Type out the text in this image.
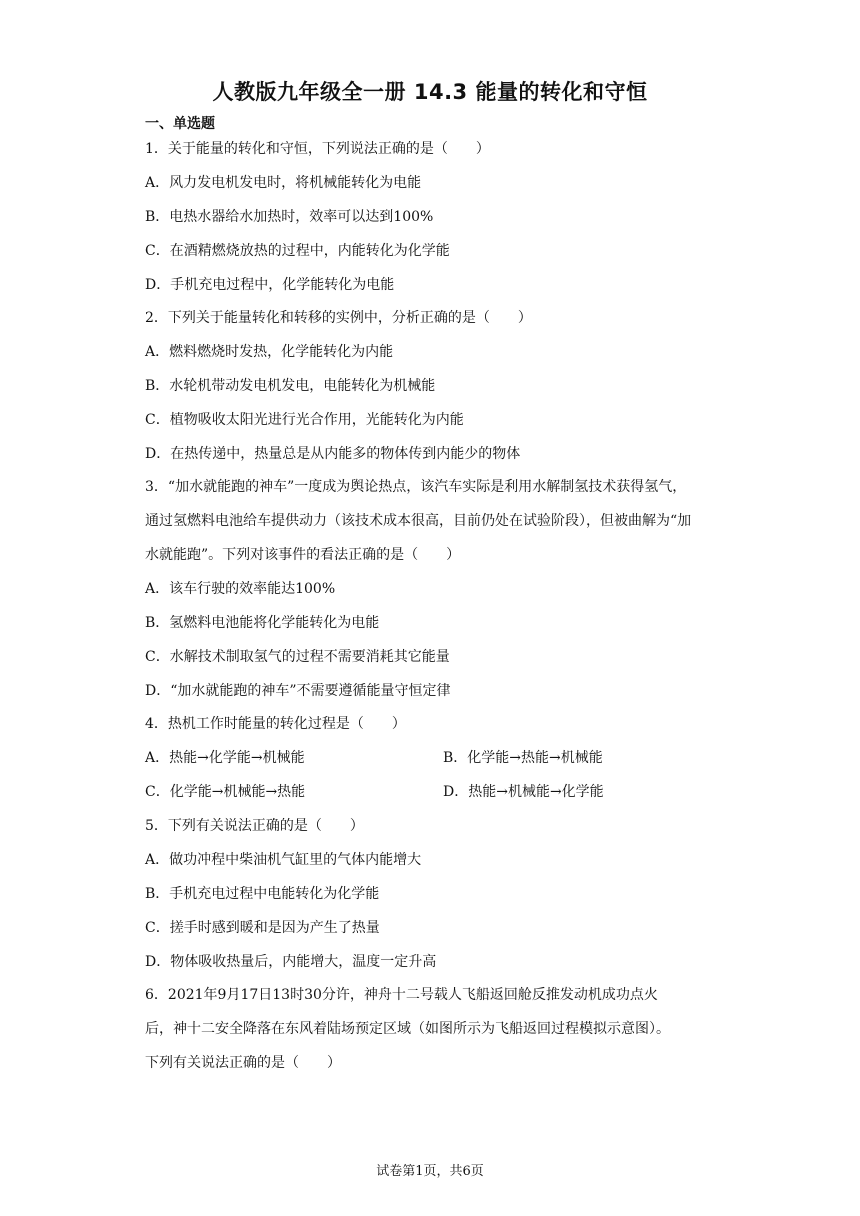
人教版九年级全一册 14.3 能量的转化和守恒
一、单选题
1．关于能量的转化和守恒，下列说法正确的是（　　）
A．风力发电机发电时，将机械能转化为电能
B．电热水器给水加热时，效率可以达到100%
C．在酒精燃烧放热的过程中，内能转化为化学能
D．手机充电过程中，化学能转化为电能
2．下列关于能量转化和转移的实例中，分析正确的是（　　）
A．燃料燃烧时发热，化学能转化为内能
B．水轮机带动发电机发电，电能转化为机械能
C．植物吸收太阳光进行光合作用，光能转化为内能
D．在热传递中，热量总是从内能多的物体传到内能少的物体
3．“加水就能跑的神车”一度成为舆论热点，该汽车实际是利用水解制氢技术获得氢气，
通过氢燃料电池给车提供动力（该技术成本很高，目前仍处在试验阶段），但被曲解为“加
水就能跑”。下列对该事件的看法正确的是（　　）
A．该车行驶的效率能达100%
B．氢燃料电池能将化学能转化为电能
C．水解技术制取氢气的过程不需要消耗其它能量
D．“加水就能跑的神车”不需要遵循能量守恒定律
4．热机工作时能量的转化过程是（　　）
A．热能→化学能→机械能	B．化学能→热能→机械能
C．化学能→机械能→热能	D．热能→机械能→化学能
5．下列有关说法正确的是（　　）
A．做功冲程中柴油机气缸里的气体内能增大
B．手机充电过程中电能转化为化学能
C．搓手时感到暖和是因为产生了热量
D．物体吸收热量后，内能增大，温度一定升高
6．2021年9月17日13时30分许，神舟十二号载人飞船返回舱反推发动机成功点火
后，神十二安全降落在东风着陆场预定区域（如图所示为飞船返回过程模拟示意图）。
下列有关说法正确的是（　　）
试卷第1页，共6页
